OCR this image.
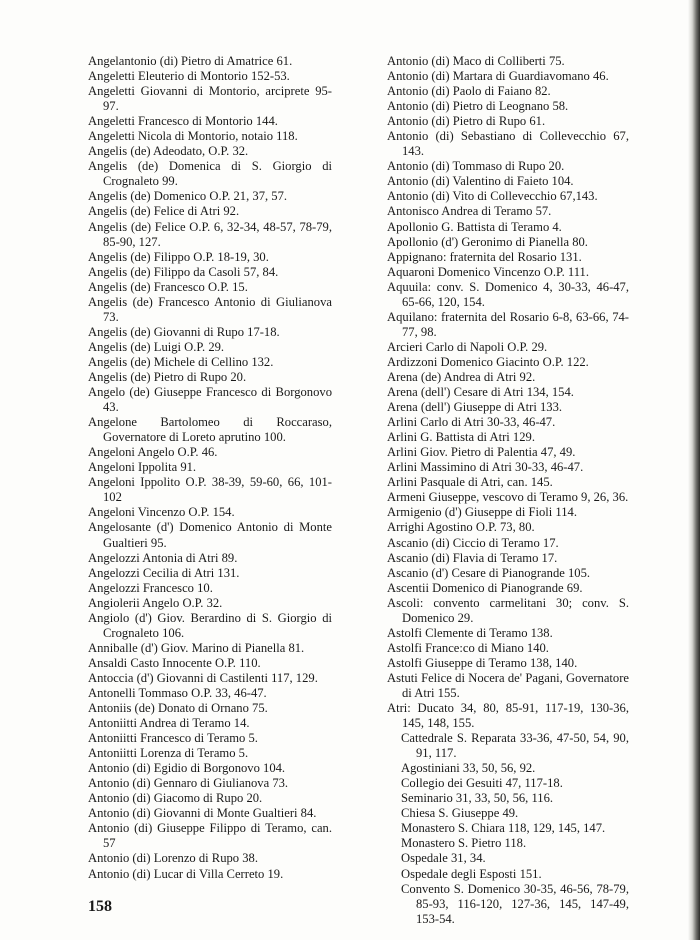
Angelantonio (di) Pietro di Amatrice 61.

Angeletti Eleuterio di Montorio 152-53.

Angeletti Giovanni di Montorio, arciprete 95-97.

Angeletti Francesco di Montorio 144.

Angeletti Nicola di Montorio, notaio 118.

Angelis (de) Adeodato, O.P. 32.

Angelis (de) Domenica di S. Giorgio di Crognaleto 99.

Angelis (de) Domenico O.P. 21, 37, 57.

Angelis (de) Felice di Atri 92.

Angelis (de) Felice O.P. 6, 32-34, 48-57, 78-79, 85-90, 127.

Angelis (de) Filippo O.P. 18-19, 30.

Angelis (de) Filippo da Casoli 57, 84.

Angelis (de) Francesco O.P. 15.

Angelis (de) Francesco Antonio di Giulianova 73.

Angelis (de) Giovanni di Rupo 17-18.

Angelis (de) Luigi O.P. 29.

Angelis (de) Michele di Cellino 132.

Angelis (de) Pietro di Rupo 20.

Angelo (de) Giuseppe Francesco di Borgonovo 43.

Angelone Bartolomeo di Roccaraso, Governatore di Loreto aprutino 100.

Angeloni Angelo O.P. 46.

Angeloni Ippolita 91.

Angeloni Ippolito O.P. 38-39, 59-60, 66, 101-102

Angeloni Vincenzo O.P. 154.

Angelosante (d') Domenico Antonio di Monte Gualtieri 95.

Angelozzi Antonia di Atri 89.

Angelozzi Cecilia di Atri 131.

Angelozzi Francesco 10.

Angiolerii Angelo O.P. 32.

Angiolo (d') Giov. Berardino di S. Giorgio di Crognaleto 106.

Anniballe (d') Giov. Marino di Pianella 81.

Ansaldi Casto Innocente O.P. 110.

Antoccia (d') Giovanni di Castilenti 117, 129.

Antonelli Tommaso O.P. 33, 46-47.

Antoniis (de) Donato di Ornano 75.

Antoniitti Andrea di Teramo 14.

Antoniitti Francesco di Teramo 5.

Antoniitti Lorenza di Teramo 5.

Antonio (di) Egidio di Borgonovo 104.

Antonio (di) Gennaro di Giulianova 73.

Antonio (di) Giacomo di Rupo 20.

Antonio (di) Giovanni di Monte Gualtieri 84.

Antonio (di) Giuseppe Filippo di Teramo, can. 57

Antonio (di) Lorenzo di Rupo 38.

Antonio (di) Lucar di Villa Cerreto 19.

Antonio (di) Maco di Colliberti 75.

Antonio (di) Martara di Guardiavomano 46.

Antonio (di) Paolo di Faiano 82.

Antonio (di) Pietro di Leognano 58.

Antonio (di) Pietro di Rupo 61.

Antonio (di) Sebastiano di Collevecchio 67, 143.

Antonio (di) Tommaso di Rupo 20.

Antonio (di) Valentino di Faieto 104.

Antonio (di) Vito di Collevecchio 67,143.

Antonisco Andrea di Teramo 57.

Apollonio G. Battista di Teramo 4.

Apollonio (d') Geronimo di Pianella 80.

Appignano: fraternita del Rosario 131.

Aquaroni Domenico Vincenzo O.P. 111.

Aquuila: conv. S. Domenico 4, 30-33, 46-47, 65-66, 120, 154.

Aquilano: fraternita del Rosario 6-8, 63-66, 74-77, 98.

Arcieri Carlo di Napoli O.P. 29.

Ardizzoni Domenico Giacinto O.P. 122.

Arena (de) Andrea di Atri 92.

Arena (dell') Cesare di Atri 134, 154.

Arena (dell') Giuseppe di Atri 133.

Arlini Carlo di Atri 30-33, 46-47.

Arlini G. Battista di Atri 129.

Arlini Giov. Pietro di Palentia 47, 49.

Arlini Massimino di Atri 30-33, 46-47.

Arlini Pasquale di Atri, can. 145.

Armeni Giuseppe, vescovo di Teramo 9, 26, 36.

Armigenio (d') Giuseppe di Fioli 114.

Arrighi Agostino O.P. 73, 80.

Ascanio (di) Ciccio di Teramo 17.

Ascanio (di) Flavia di Teramo 17.

Ascanio (d') Cesare di Pianogrande 105.

Ascentii Domenico di Pianogrande 69.

Ascoli: convento carmelitani 30; conv. S. Domenico 29.

Astolfi Clemente di Teramo 138.

Astolfi France:co di Miano 140.

Astolfi Giuseppe di Teramo 138, 140.

Astuti Felice di Nocera de' Pagani, Governatore di Atri 155.

Atri: Ducato 34, 80, 85-91, 117-19, 130-36, 145, 148, 155.

Cattedrale S. Reparata 33-36, 47-50, 54, 90, 91, 117.

Agostiniani 33, 50, 56, 92.

Collegio dei Gesuiti 47, 117-18.

Seminario 31, 33, 50, 56, 116.

Chiesa S. Giuseppe 49.

Monastero S. Chiara 118, 129, 145, 147.

Monastero S. Pietro 118.

Ospedale 31, 34.

Ospedale degli Esposti 151.

Convento S. Domenico 30-35, 46-56, 78-79, 85-93, 116-120, 127-36, 145, 147-49, 153-54.

158
